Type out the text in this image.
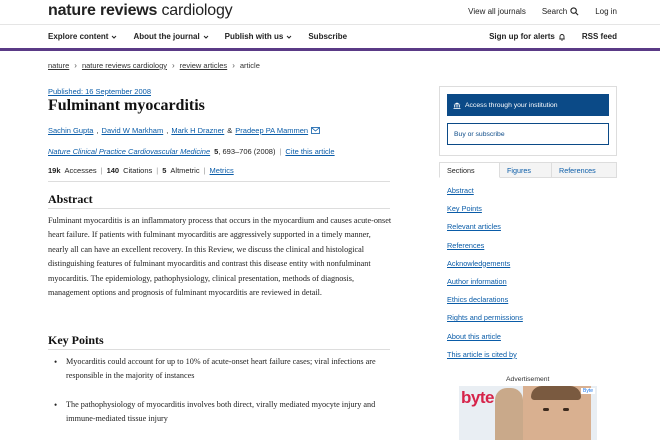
nature reviews cardiology	View all journals Search	Log in
Explore content	About the journal	Publish with us	Subscribe	Sign up for alerts	RSS feed
nature › nature reviews cardiology › review articles › article
Published: 16 September 2008
Fulminant myocarditis
Sachin Gupta , David W Markham , Mark H Drazner & Pradeep PA Mammen
Nature Clinical Practice Cardiovascular Medicine 5, 693–706 (2008) | Cite this article
19k Accesses | 140 Citations | 5 Altmetric | Metrics
Abstract

Fulminant myocarditis is an inflammatory process that occurs in the myocardium and causes acute-onset heart failure. If patients with fulminant myocarditis are aggressively supported in a timely manner, nearly all can have an excellent recovery. In this Review, we discuss the clinical and histological distinguishing features of fulminant myocarditis and contrast this disease entity with nonfulminant myocarditis. The epidemiology, pathophysiology, clinical presentation, methods of diagnosis, management options and prognosis of fulminant myocarditis are reviewed in detail.

Key Points
• Myocarditis could account for up to 10% of acute-onset heart failure cases; viral infections are responsible in the majority of instances
• The pathophysiology of myocarditis involves both direct, virally mediated myocyte injury and immune-mediated tissue injury
Access through your institution
Buy or subscribe
Sections	Figures	References
Abstract
Key Points
Relevant articles
References
Acknowledgements
Author information
Ethics declarations
Rights and permissions
About this article
This article is cited by
Advertisement
byte	Byte
